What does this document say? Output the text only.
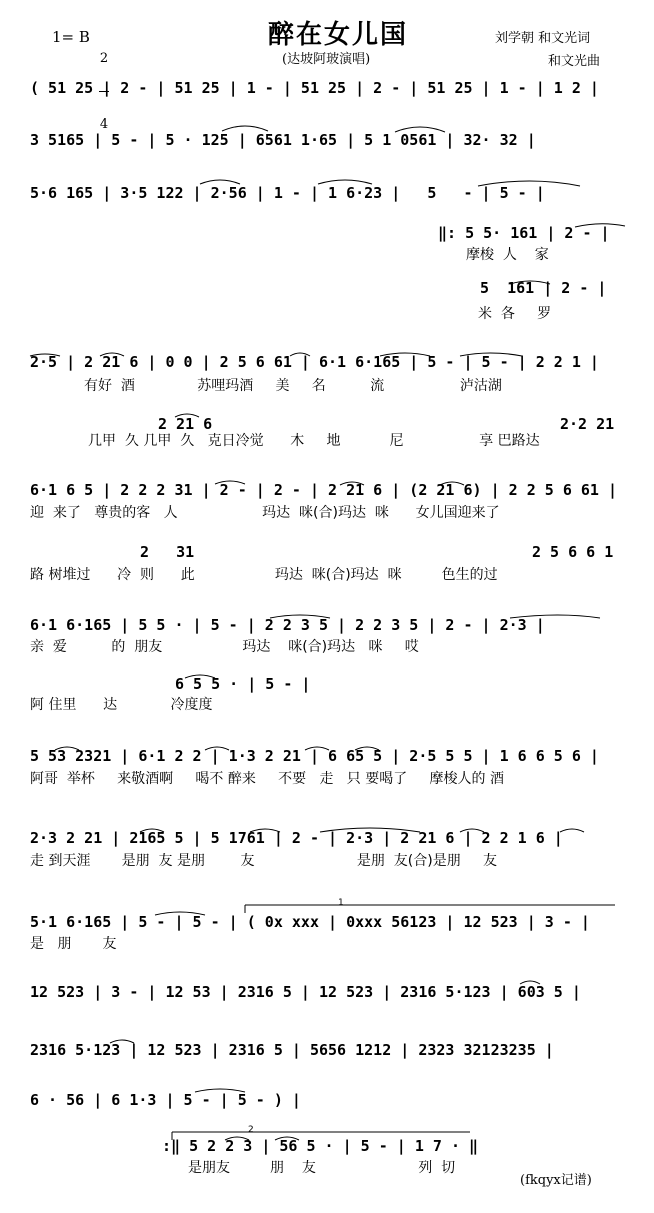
1= B

2

4

醉在女儿国
(达坡阿玻演唱)
刘学朝 和文光词
和文光曲
( 51 25 | 2 - | 51 25 | 1 - | 51 25 | 2 - | 51 25 | 1 - | 1 2 |
3 5165 | 5 - | 5 · 125 | 6561 1·65 | 5 1 0561 | 32· 32 |
5·6 165 | 3·5 122 | 2·56 | 1 - | 1 6·23 |   5   - | 5 - |
‖: 5 5· 161 | 2 - |
5  161 | 2 - |
2·5 | 2 21 6 | 0 0 | 2 5 6 61 | 6·1 6·165 | 5 - | 5 - | 2 2 1 |
2 21 6	2·2 21
6·1 6 5 | 2 2 2 31 | 2 - | 2 - | 2 21 6 | (2 21 6) | 2 2 5 6 61 |
2   31	2 5 6 6 1
6·1 6·165 | 5 5 · | 5 - | 2 2 3 5 | 2 2 3 5 | 2 - | 2·3 |
6 5 5 · | 5 - |
5 53 2321 | 6·1 2 2 | 1·3 2 21 | 6 65 5 | 2·5 5 5 | 1 6 6 5 6 |
2·3 2 21 | 2165 5 | 5 1761 | 2 - | 2·3 | 2 21 6 | 2 2 1 6 |
5·1 6·165 | 5 - | 5 - | ( 0x xxx | 0xxx 56123 | 12 523 | 3 - |
12 523 | 3 - | 12 53 | 2316 5 | 12 523 | 2316 5·123 | 603 5 |
2316 5·123 | 12 523 | 2316 5 | 5656 1212 | 2323 32123235 |
6 · 56 | 6 1·3 | 5 - | 5 - ) |
:‖ 5 2 2 3 | 56 5 · | 5 - | 1 7 · ‖
摩梭  人    家
米  各     罗
有好  酒              苏哩玛酒     美     名          流                 泸沽湖
几甲  久 几甲  久   克日冷觉      木     地           尼                 享 巴路达
迎  来了   尊贵的客   人                   玛达  咪(合)玛达  咪      女儿国迎来了
路 树堆过      冷  则      此                  玛达  咪(合)玛达  咪         色生的过
亲  爱          的  朋友                  玛达    咪(合)玛达   咪     哎
阿 住里      达            冷度度
阿哥  举杯     来敬酒啊     喝不 醉来     不要   走   只 要喝了     摩梭人的 酒
走 到天涯       是朋  友 是朋        友                       是朋  友(合)是朋     友
是   朋       友
是朋友         朋    友                       列  切
1
2
(fkqyx记谱)
